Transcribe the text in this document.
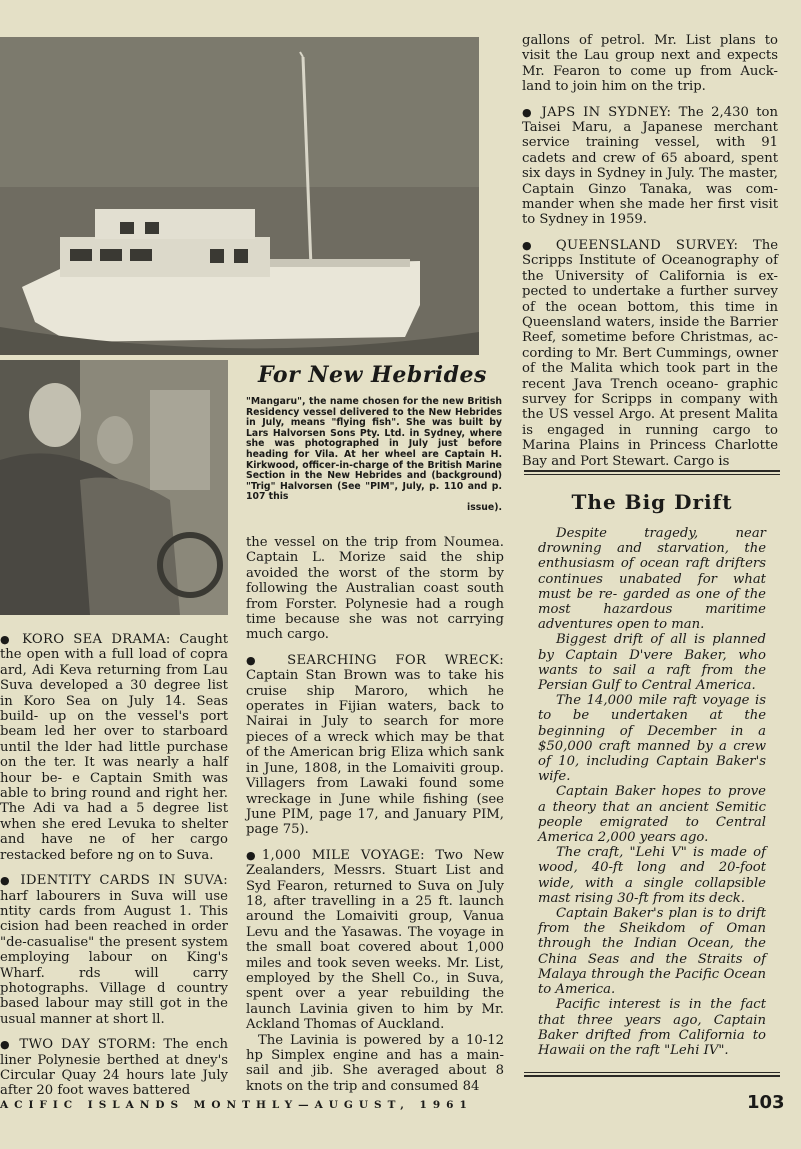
For New Hebrides
"Mangaru", the name chosen for the new British Residency vessel delivered to the New Hebrides in July, means "flying fish". She was built by Lars Halvorsen Sons Pty. Ltd. in Sydney, where she was photographed in July just before heading for Vila. At her wheel are Captain H. Kirkwood, officer-in-charge of the British Marine Section in the New Hebrides and (background) "Trig" Halvorsen (See "PIM", July, p. 110 and p. 107 this
issue).

● KORO SEA DRAMA: Caught the open with a full load of copra ard, Adi Keva returning from Lau Suva developed a 30 degree list in Koro Sea on July 14. Seas build- up on the vessel's port beam led her over to starboard until the lder had little purchase on the ter. It was nearly a half hour be- e Captain Smith was able to bring round and right her. The Adi va had a 5 degree list when she ered Levuka to shelter and have ne of her cargo restacked before ng on to Suva.

● IDENTITY CARDS IN SUVA: harf labourers in Suva will use ntity cards from August 1. This cision had been reached in order "de-casualise" the present system employing labour on King's Wharf. rds will carry photographs. Village d country based labour may still got in the usual manner at short ll.

● TWO DAY STORM: The ench liner Polynesie berthed at dney's Circular Quay 24 hours late July after 20 foot waves battered

the vessel on the trip from Noumea. Captain L. Morize said the ship avoided the worst of the storm by following the Australian coast south from Forster. Polynesie had a rough time because she was not carrying much cargo.

● SEARCHING FOR WRECK: Captain Stan Brown was to take his cruise ship Maroro, which he operates in Fijian waters, back to Nairai in July to search for more pieces of a wreck which may be that of the American brig Eliza which sank in June, 1808, in the Lomaiviti group. Villagers from Lawaki found some wreckage in June while fishing (see June PIM, page 17, and January PIM, page 75).

●1,000 MILE VOYAGE: Two New Zealanders, Messrs. Stuart List and Syd Fearon, returned to Suva on July 18, after travelling in a 25 ft. launch around the Lomaiviti group, Vanua Levu and the Yasawas. The voyage in the small boat covered about 1,000 miles and took seven weeks. Mr. List, employed by the Shell Co., in Suva, spent over a year rebuilding the launch Lavinia given to him by Mr. Ackland Thomas of Auckland.

The Lavinia is powered by a 10-12 hp Simplex engine and has a main- sail and jib. She averaged about 8 knots on the trip and consumed 84

gallons of petrol. Mr. List plans to visit the Lau group next and expects Mr. Fearon to come up from Auck- land to join him on the trip.

● JAPS IN SYDNEY: The 2,430 ton Taisei Maru, a Japanese merchant service training vessel, with 91 cadets and crew of 65 aboard, spent six days in Sydney in July. The master, Captain Ginzo Tanaka, was com- mander when she made her first visit to Sydney in 1959.

● QUEENSLAND SURVEY: The Scripps Institute of Oceanography of the University of California is ex- pected to undertake a further survey of the ocean bottom, this time in Queensland waters, inside the Barrier Reef, sometime before Christmas, ac- cording to Mr. Bert Cummings, owner of the Malita which took part in the recent Java Trench oceano- graphic survey for Scripps in company with the US vessel Argo. At present Malita is engaged in running cargo to Marina Plains in Princess Charlotte Bay and Port Stewart. Cargo is

The Big Drift

Despite tragedy, near drowning and starvation, the enthusiasm of ocean raft drifters continues unabated for what must be re- garded as one of the most hazardous maritime adventures open to man.

Biggest drift of all is planned by Captain D'vere Baker, who wants to sail a raft from the Persian Gulf to Central America.

The 14,000 mile raft voyage is to be undertaken at the beginning of December in a $50,000 craft manned by a crew of 10, including Captain Baker's wife.

Captain Baker hopes to prove a theory that an ancient Semitic people emigrated to Central America 2,000 years ago.

The craft, "Lehi V" is made of wood, 40-ft long and 20-foot wide, with a single collapsible mast rising 30-ft from its deck.

Captain Baker's plan is to drift from the Sheikdom of Oman through the Indian Ocean, the China Seas and the Straits of Malaya through the Pacific Ocean to America.

Pacific interest is in the fact that three years ago, Captain Baker drifted from California to Hawaii on the raft "Lehi IV".

ACIFIC ISLANDS MONTHLY—AUGUST, 1961	103
